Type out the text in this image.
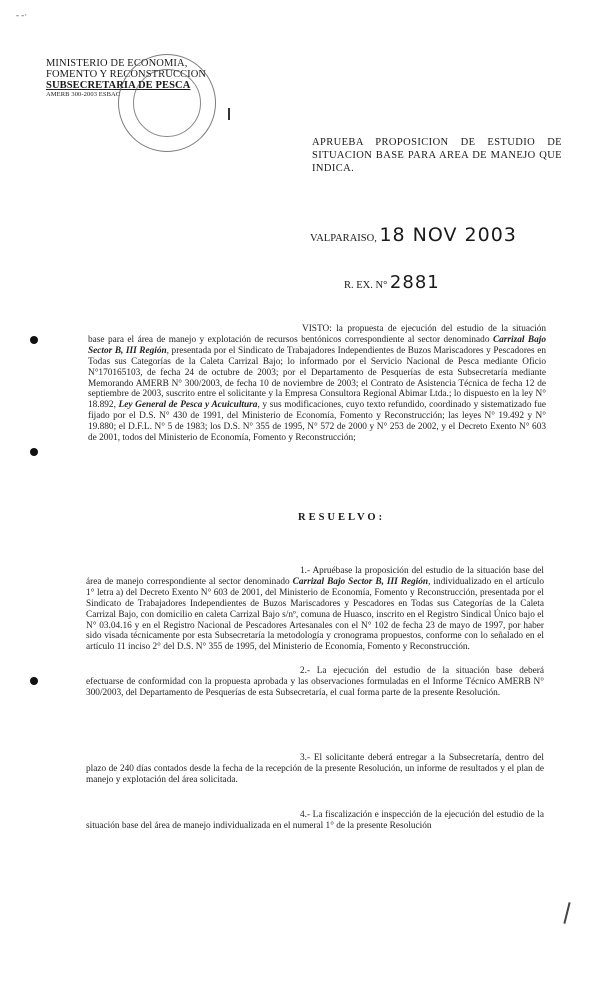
- -·
MINISTERIO DE ECONOMIA,
FOMENTO Y RECONSTRUCCION
SUBSECRETARIA DE PESCA
AMERB 300-2003 ESBAC
APRUEBA PROPOSICION DE ESTUDIO DE SITUACION BASE PARA AREA DE MANEJO QUE INDICA.
VALPARAISO, 18 NOV 2003
R. EX. N° 2881
VISTO: la propuesta de ejecución del estudio de la situación base para el área de manejo y explotación de recursos bentónicos correspondiente al sector denominado Carrizal Bajo Sector B, III Región, presentada por el Sindicato de Trabajadores Independientes de Buzos Mariscadores y Pescadores en Todas sus Categorías de la Caleta Carrizal Bajo; lo informado por el Servicio Nacional de Pesca mediante Oficio N°170165103, de fecha 24 de octubre de 2003; por el Departamento de Pesquerías de esta Subsecretaría mediante Memorando AMERB N° 300/2003, de fecha 10 de noviembre de 2003; el Contrato de Asistencia Técnica de fecha 12 de septiembre de 2003, suscrito entre el solicitante y la Empresa Consultora Regional Abimar Ltda.; lo dispuesto en la ley N° 18.892, Ley General de Pesca y Acuicultura, y sus modificaciones, cuyo texto refundido, coordinado y sistematizado fue fijado por el D.S. N° 430 de 1991, del Ministerio de Economía, Fomento y Reconstrucción; las leyes N° 19.492 y N° 19.880; el D.F.L. N° 5 de 1983; los D.S. N° 355 de 1995, N° 572 de 2000 y N° 253 de 2002, y el Decreto Exento N° 603 de 2001, todos del Ministerio de Economía, Fomento y Reconstrucción;
RESUELVO:
1.- Apruébase la proposición del estudio de la situación base del área de manejo correspondiente al sector denominado Carrizal Bajo Sector B, III Región, individualizado en el artículo 1° letra a) del Decreto Exento N° 603 de 2001, del Ministerio de Economía, Fomento y Reconstrucción, presentada por el Sindicato de Trabajadores Independientes de Buzos Mariscadores y Pescadores en Todas sus Categorías de la Caleta Carrizal Bajo, con domicilio en caleta Carrizal Bajo s/nº, comuna de Huasco, inscrito en el Registro Sindical Único bajo el N° 03.04.16 y en el Registro Nacional de Pescadores Artesanales con el N° 102 de fecha 23 de mayo de 1997, por haber sido visada técnicamente por esta Subsecretaría la metodología y cronograma propuestos, conforme con lo señalado en el artículo 11 inciso 2° del D.S. N° 355 de 1995, del Ministerio de Economía, Fomento y Reconstrucción.
2.- La ejecución del estudio de la situación base deberá efectuarse de conformidad con la propuesta aprobada y las observaciones formuladas en el Informe Técnico AMERB N° 300/2003, del Departamento de Pesquerías de esta Subsecretaría, el cual forma parte de la presente Resolución.
3.- El solicitante deberá entregar a la Subsecretaría, dentro del plazo de 240 días contados desde la fecha de la recepción de la presente Resolución, un informe de resultados y el plan de manejo y explotación del área solicitada.
4.- La fiscalización e inspección de la ejecución del estudio de la situación base del área de manejo individualizada en el numeral 1° de la presente Resolución
